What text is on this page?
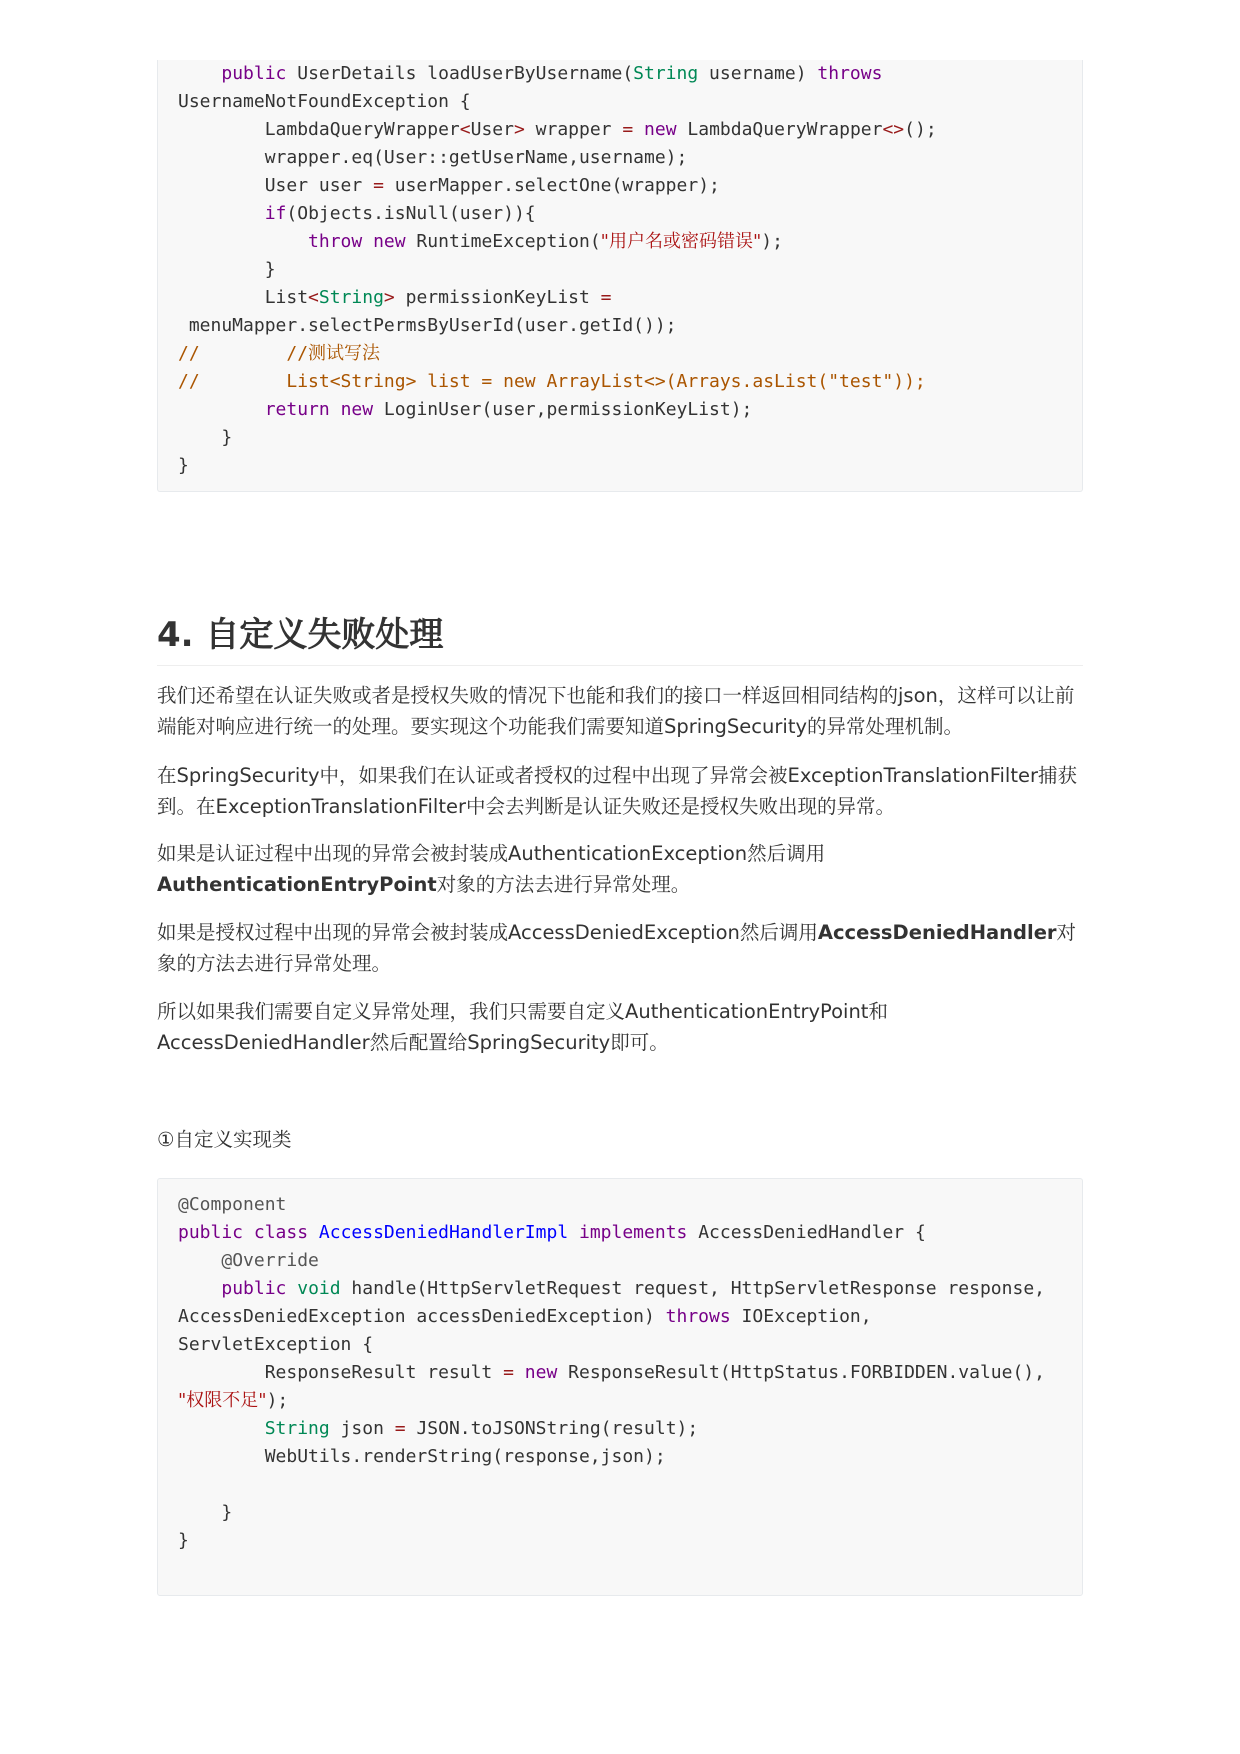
public UserDetails loadUserByUsername(String username) throws
UsernameNotFoundException {
LambdaQueryWrapper<User> wrapper = new LambdaQueryWrapper<>();
wrapper.eq(User::getUserName,username);
User user = userMapper.selectOne(wrapper);
if(Objects.isNull(user)){
throw new RuntimeException("用户名或密码错误");
}
List<String> permissionKeyList =
menuMapper.selectPermsByUserId(user.getId());
//        //测试写法
//        List<String> list = new ArrayList<>(Arrays.asList("test"));
return new LoginUser(user,permissionKeyList);
}
}
4. 自定义失败处理

我们还希望在认证失败或者是授权失败的情况下也能和我们的接口一样返回相同结构的json，这样可以让前端能对响应进行统一的处理。要实现这个功能我们需要知道SpringSecurity的异常处理机制。

在SpringSecurity中，如果我们在认证或者授权的过程中出现了异常会被ExceptionTranslationFilter捕获到。在ExceptionTranslationFilter中会去判断是认证失败还是授权失败出现的异常。

如果是认证过程中出现的异常会被封装成AuthenticationException然后调用
AuthenticationEntryPoint对象的方法去进行异常处理。

如果是授权过程中出现的异常会被封装成AccessDeniedException然后调用AccessDeniedHandler对象的方法去进行异常处理。

所以如果我们需要自定义异常处理，我们只需要自定义AuthenticationEntryPoint和AccessDeniedHandler然后配置给SpringSecurity即可。

①自定义实现类

@Component
public class AccessDeniedHandlerImpl implements AccessDeniedHandler {
@Override
public void handle(HttpServletRequest request, HttpServletResponse response,
AccessDeniedException accessDeniedException) throws IOException,
ServletException {
ResponseResult result = new ResponseResult(HttpStatus.FORBIDDEN.value(),
"权限不足");
String json = JSON.toJSONString(result);
WebUtils.renderString(response,json);
}
}
